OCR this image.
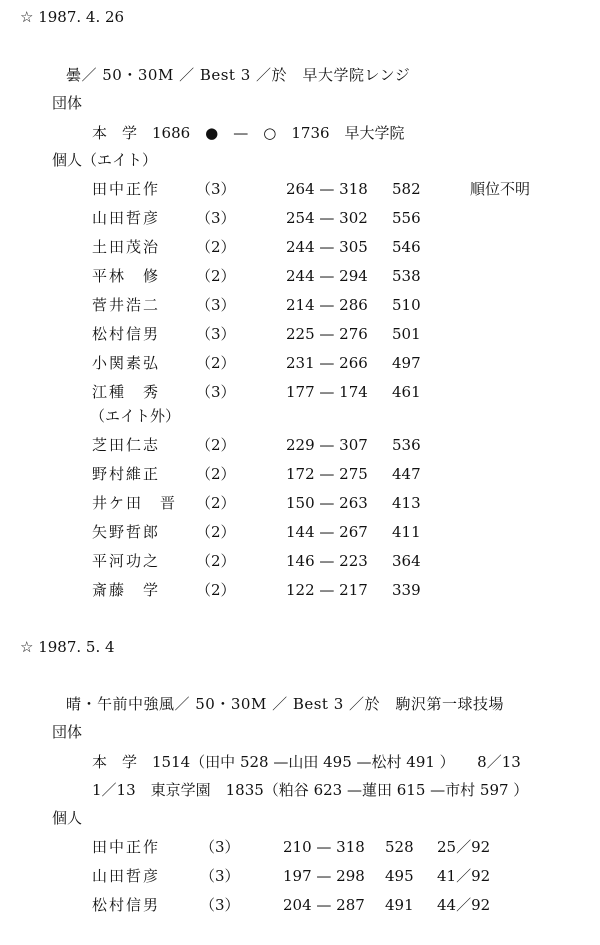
☆ 1987. 4. 26
曇／ 50・30M ／ Best 3 ／於　早大学院レンジ
団体
本　学　1686　●　—　○　1736　早大学院
個人（エイト）
田中正作 （3）	264 — 318 582	順位不明
山田哲彦 （3）	254 — 302 556
土田茂治 （2）	244 — 305 546
平林　修 （2）	244 — 294 538
菅井浩二 （3）	214 — 286 510
松村信男 （3）	225 — 276 501
小関素弘 （2）	231 — 266 497
江種　秀 （3）	177 — 174 461
（エイト外）
芝田仁志 （2）	229 — 307 536
野村維正 （2）	172 — 275 447
井ケ田　晋 （2）	150 — 263 413
矢野哲郎 （2）	144 — 267 411
平河功之 （2）	146 — 223 364
斎藤　学 （2）	122 — 217 339
☆ 1987. 5. 4
晴・午前中強風／ 50・30M ／ Best 3 ／於　駒沢第一球技場
団体
本　学　1514（田中 528 —山田 495 —松村 491 ）　　8／13
1／13　東京学園　1835（粕谷 623 —蓮田 615 —市村 597 ）
個人
田中正作	（3）	210 — 318 528 25／92
山田哲彦	（3）	197 — 298 495 41／92
松村信男	（3）	204 — 287 491 44／92
